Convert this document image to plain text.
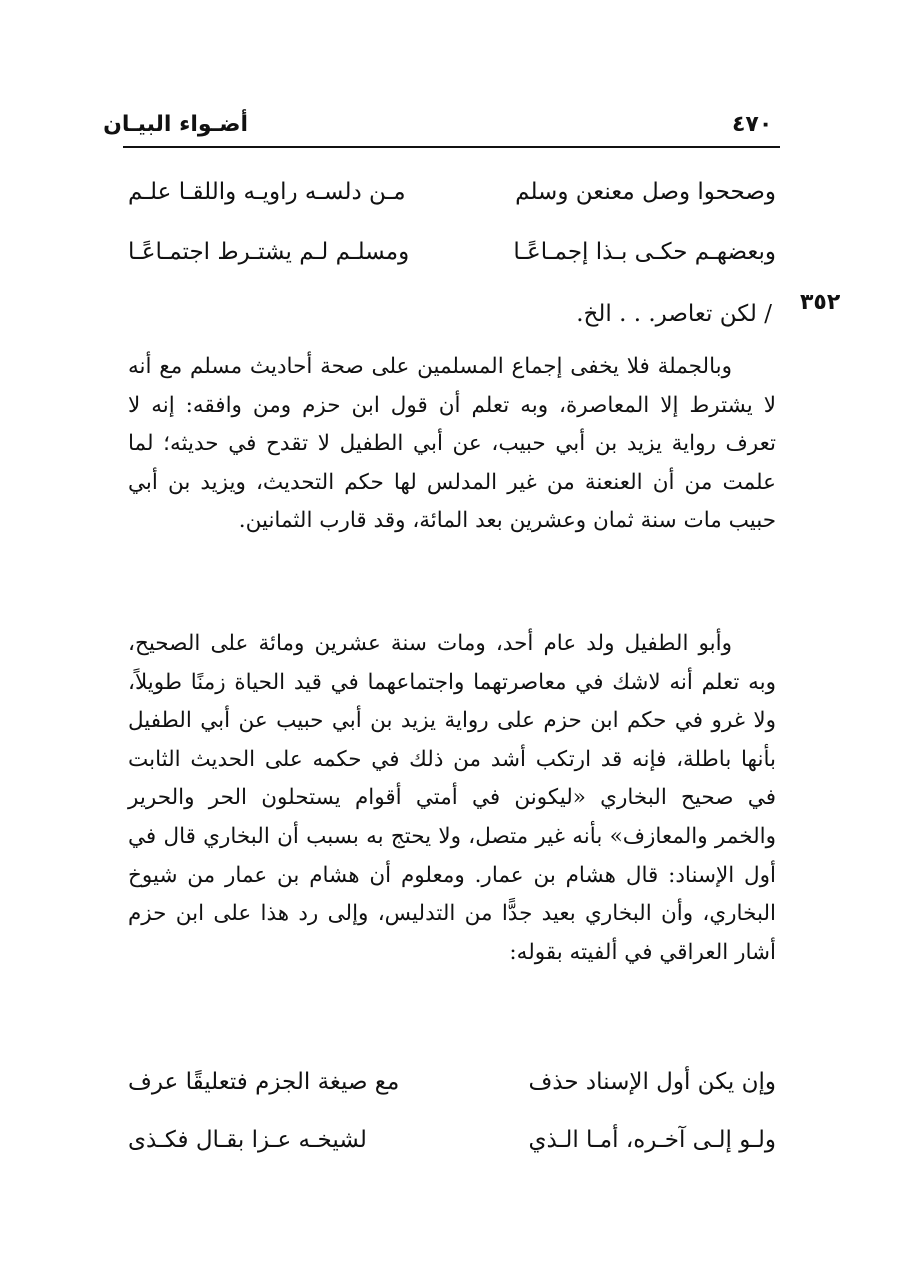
٤٧٠
أضـواء البيـان
وصححوا وصل معنعن وسلم
مـن دلسـه راويـه واللقـا علـم
وبعضهـم حكـى بـذا إجمـاعًـا
ومسلـم لـم يشتـرط اجتمـاعًـا
٣٥٢
/ لكن تعاصر. . . الخ.

وبالجملة فلا يخفى إجماع المسلمين على صحة أحاديث مسلم مع أنه لا يشترط إلا المعاصرة، وبه تعلم أن قول ابن حزم ومن وافقه: إنه لا تعرف رواية يزيد بن أبي حبيب، عن أبي الطفيل لا تقدح في حديثه؛ لما علمت من أن العنعنة من غير المدلس لها حكم التحديث، ويزيد بن أبي حبيب مات سنة ثمان وعشرين بعد المائة، وقد قارب الثمانين.

وأبو الطفيل ولد عام أحد، ومات سنة عشرين ومائة على الصحيح، وبه تعلم أنه لاشك في معاصرتهما واجتماعهما في قيد الحياة زمنًا طويلاً، ولا غرو في حكم ابن حزم على رواية يزيد بن أبي حبيب عن أبي الطفيل بأنها باطلة، فإنه قد ارتكب أشد من ذلك في حكمه على الحديث الثابت في صحيح البخاري «ليكونن في أمتي أقوام يستحلون الحر والحرير والخمر والمعازف» بأنه غير متصل، ولا يحتج به بسبب أن البخاري قال في أول الإسناد: قال هشام بن عمار. ومعلوم أن هشام بن عمار من شيوخ البخاري، وأن البخاري بعيد جدًّا من التدليس، وإلى رد هذا على ابن حزم أشار العراقي في ألفيته بقوله:

وإن يكن أول الإسناد حذف
مع صيغة الجزم فتعليقًا عرف
ولـو إلـى آخـره، أمـا الـذي
لشيخـه عـزا بقـال فكـذى
